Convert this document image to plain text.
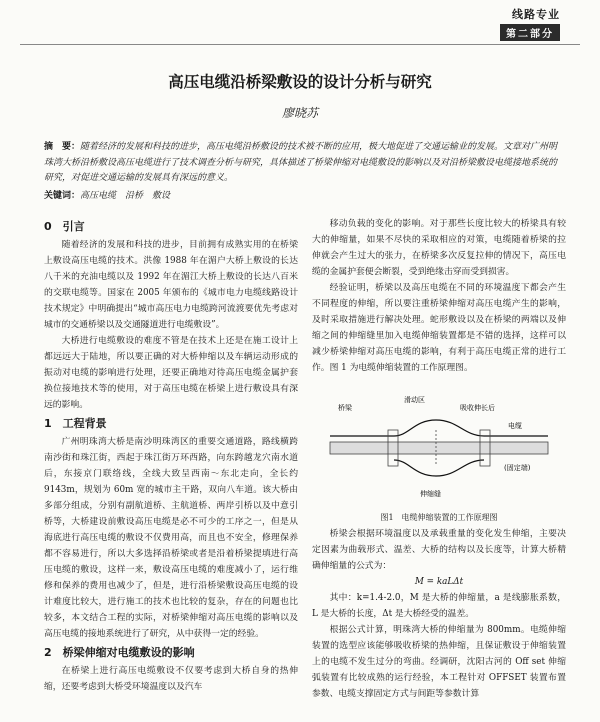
线路专业
第二部分
高压电缆沿桥梁敷设的设计分析与研究
廖晓苏
摘　要：随着经济的发展和科技的进步，高压电缆沿桥敷设的技术被不断的应用，极大地促进了交通运输业的发展。文章对广州明珠湾大桥沿桥敷设高压电缆进行了技术调查分析与研究，具体描述了桥梁伸缩对电缆敷设的影响以及对沿桥梁敷设电缆接地系统的研究，对促进交通运输的发展具有深远的意义。
关键词：高压电缆　沿桥　敷设
0　引言

随着经济的发展和科技的进步，目前拥有成熟实用的在桥梁上敷设高压电缆的技术。洪像 1988 年在湄户大桥上敷设的长达八千米的充油电缆以及 1992 年在湄江大桥上敷设的长达八百米的交联电缆等。国家在 2005 年颁布的《城市电力电缆线路设计技术规定》中明确提出“城市高压电力电缆跨河流渡要优先考虑对城市的交通桥梁以及交通隧道进行电缆敷设”。

大桥进行电缆敷设的难度不管是在技术上还是在施工设计上都远远大于陆地，所以要正确的对大桥伸缩以及车辆运动形成的振动对电缆的影响进行处理，还要正确地对待高压电缆金属护套换位接地技术等的使用，对于高压电缆在桥梁上进行敷设具有深远的影响。

1　工程背景

广州明珠湾大桥是南沙明珠湾区的重要交通道路，路线横跨南沙街和珠江街，西起于珠江街万环西路，向东跨越龙穴南水道后，东接京门联络线，全线大致呈西南～东北走向，全长约 9143m，规划为 60m 宽的城市主干路，双向八车道。该大桥由多部分组成，分别有副航道桥、主航道桥、两岸引桥以及中意引桥等，大桥建设前敷设高压电缆是必不可少的工序之一，但是从海底进行高压电缆的敷设不仅费用高，而且也不安全，修理保养都不容易进行，所以大多选择沿桥梁或者是沿着桥梁提填进行高压电缆的敷设，这样一来，敷设高压电缆的难度减小了，运行维修和保养的费用也减少了，但是，进行沿桥梁敷设高压电缆的设计难度比较大，进行施工的技术也比较的复杂，存在的问题也比较多，本文结合工程的实际，对桥梁伸缩对高压电缆的影响以及高压电缆的接地系统进行了研究，从中获得一定的经验。

2　桥梁伸缩对电缆敷设的影响

在桥梁上进行高压电缆敷设不仅要考虑到大桥自身的热伸缩，还要考虑到大桥受环境温度以及汽车

移动负载的变化的影响。对于那些长度比较大的桥梁具有较大的伸缩量，如果不尽快的采取相应的对策，电缆随着桥梁的拉伸就会产生过大的张力，在桥梁多次反复拉伸的情况下，高压电缆的金属护套便会断裂，受到绝缘击穿而受到损害。

经验证明，桥梁以及高压电缆在不同的环境温度下都会产生不同程度的伸缩，所以要注重桥梁伸缩对高压电缆产生的影响，及时采取措施进行解决处理。蛇形敷设以及在桥梁的两端以及伸缩之间的伸缩缝里加入电缆伸缩装置都是不错的选择，这样可以减少桥梁伸缩对高压电缆的影响，有利于高压电缆正常的进行工作。图 1 为电缆伸缩装置的工作原理图。

桥梁
滑动区
吸收伸长后
电缆
(固定端)
伸缩缝

图1　电缆伸缩装置的工作原理图

桥梁会根据环境温度以及承载重量的变化发生伸缩，主要决定因素为曲载形式、温差、大桥的结构以及长度等，计算大桥精确伸缩量的公式为：

M = kaLΔt

其中：k=1.4-2.0，M 是大桥的伸缩量，a 是线膨胀系数，L 是大桥的长度，Δt 是大桥经受的温差。

根据公式计算，明珠湾大桥的伸缩量为 800mm。电缆伸缩装置的选型应该能够吸收桥梁的热伸缩，且保证敷设于伸缩装置上的电缆不发生过分的弯曲。经调研，沈阳古河的 Off set 伸缩弧装置有比较成熟的运行经验，本工程针对 OFFSET 装置布置参数、电缆支撑固定方式与间距等参数计算
